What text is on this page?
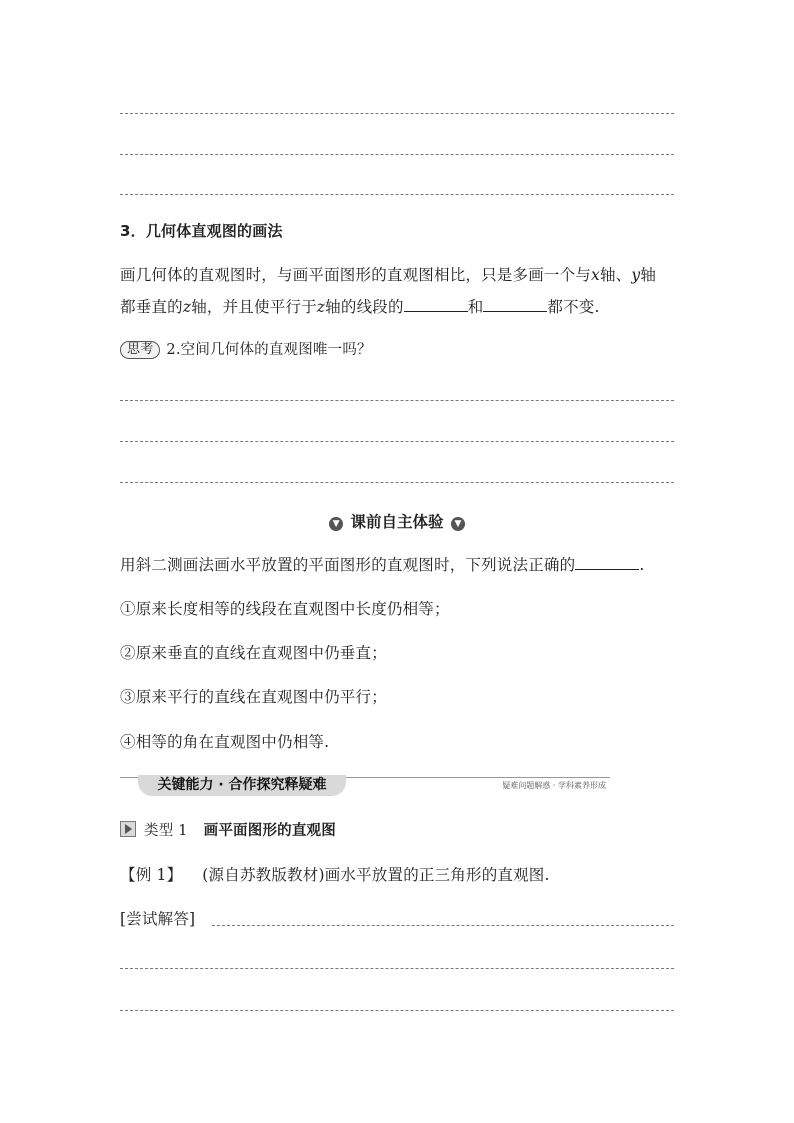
3．几何体直观图的画法
画几何体的直观图时，与画平面图形的直观图相比，只是多画一个与x轴、y轴
都垂直的z轴，并且使平行于z轴的线段的	和	都不变.
思考 2.空间几何体的直观图唯一吗？
▼ 课前自主体验 ▼
用斜二测画法画水平放置的平面图形的直观图时，下列说法正确的	.
①原来长度相等的线段在直观图中长度仍相等；
②原来垂直的直线在直观图中仍垂直；
③原来平行的直线在直观图中仍平行；
④相等的角在直观图中仍相等.
关键能力 · 合作探究释疑难	疑难问题解惑 · 学科素养形成
类型 1 画平面图形的直观图
【例 1】 (源自苏教版教材)画水平放置的正三角形的直观图.
[尝试解答]
